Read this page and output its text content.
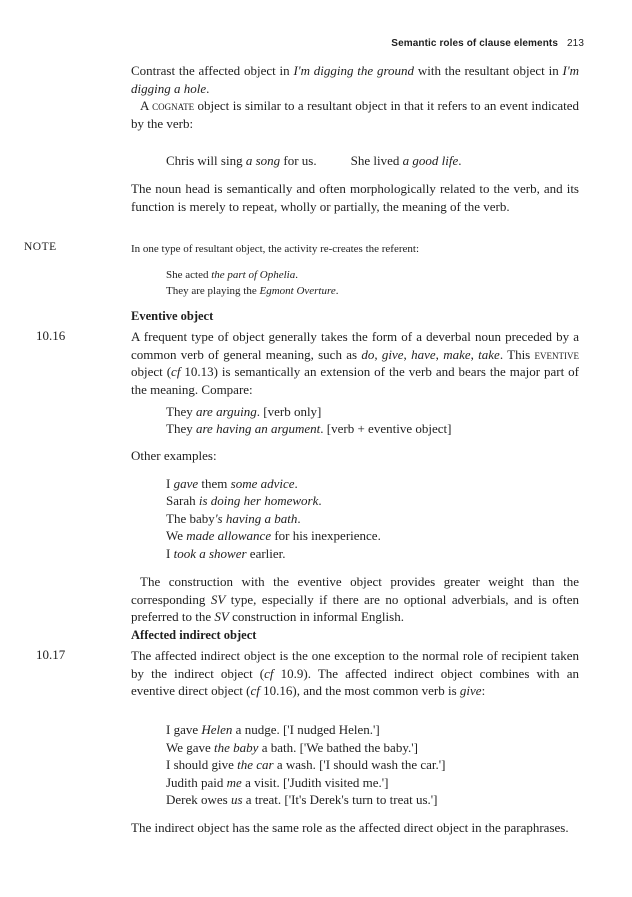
Semantic roles of clause elements 213

Contrast the affected object in I'm digging the ground with the resultant object in I'm digging a hole.

A cognate object is similar to a resultant object in that it refers to an event indicated by the verb:

Chris will sing a song for us.	She lived a good life.

The noun head is semantically and often morphologically related to the verb, and its function is merely to repeat, wholly or partially, the meaning of the verb.

NOTE	In one type of resultant object, the activity re-creates the referent:
She acted the part of Ophelia.
They are playing the Egmont Overture.
Eventive object
10.16	A frequent type of object generally takes the form of a deverbal noun preceded by a common verb of general meaning, such as do, give, have, make, take. This eventive object (cf 10.13) is semantically an extension of the verb and bears the major part of the meaning. Compare:

They are arguing. [verb only]
They are having an argument. [verb + eventive object]
Other examples:
I gave them some advice.
Sarah is doing her homework.
The baby's having a bath.
We made allowance for his inexperience.
I took a shower earlier.

The construction with the eventive object provides greater weight than the corresponding SV type, especially if there are no optional adverbials, and is often preferred to the SV construction in informal English.

Affected indirect object
10.17	The affected indirect object is the one exception to the normal role of recipient taken by the indirect object (cf 10.9). The affected indirect object combines with an eventive direct object (cf 10.16), and the most common verb is give:

I gave Helen a nudge. ['I nudged Helen.']
We gave the baby a bath. ['We bathed the baby.']
I should give the car a wash. ['I should wash the car.']
Judith paid me a visit. ['Judith visited me.']
Derek owes us a treat. ['It's Derek's turn to treat us.']

The indirect object has the same role as the affected direct object in the paraphrases.
